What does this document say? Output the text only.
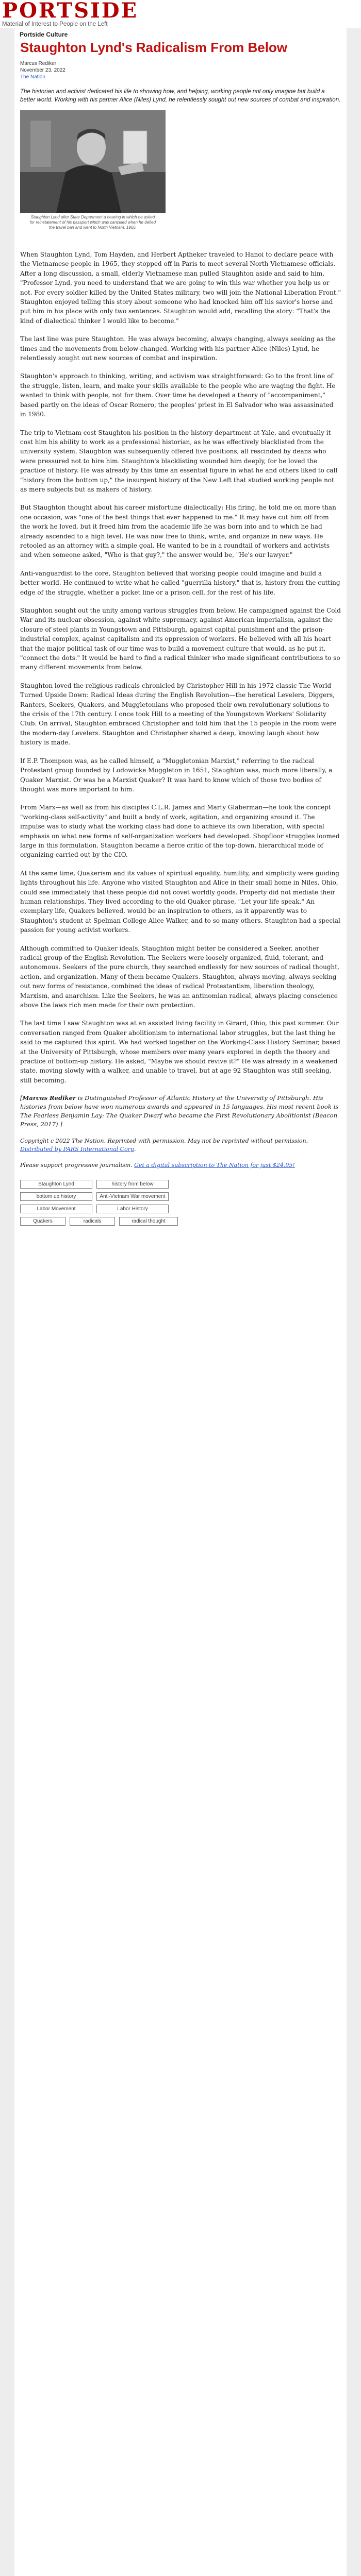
PORTSIDE
Material of Interest to People on the Left
Portside Culture
Staughton Lynd's Radicalism From Below
Marcus Rediker
November 23, 2022
The Nation
The historian and activist dedicated his life to showing how, and helping, working people not only imagine but build a better world. Working with his partner Alice (Niles) Lynd, he relentlessly sought out new sources of combat and inspiration.
Staughton Lynd after State Department a hearing in which he asked for reinstatement of his passport which was canceled when he defied the travel ban and went to North Vietnam, 1966.

When Staughton Lynd, Tom Hayden, and Herbert Aptheker traveled to Hanoi to declare peace with the Vietnamese people in 1965, they stopped off in Paris to meet several North Vietnamese officials. After a long discussion, a small, elderly Vietnamese man pulled Staughton aside and said to him, "Professor Lynd, you need to understand that we are going to win this war whether you help us or not. For every soldier killed by the United States military, two will join the National Liberation Front." Staughton enjoyed telling this story about someone who had knocked him off his savior's horse and put him in his place with only two sentences. Staughton would add, recalling the story: "That's the kind of dialectical thinker I would like to become."

The last line was pure Staughton. He was always becoming, always changing, always seeking as the times and the movements from below changed. Working with his partner Alice (Niles) Lynd, he relentlessly sought out new sources of combat and inspiration.

Staughton's approach to thinking, writing, and activism was straightforward: Go to the front line of the struggle, listen, learn, and make your skills available to the people who are waging the fight. He wanted to think with people, not for them. Over time he developed a theory of "accompaniment," based partly on the ideas of Oscar Romero, the peoples' priest in El Salvador who was assassinated in 1980.

The trip to Vietnam cost Staughton his position in the history department at Yale, and eventually it cost him his ability to work as a professional historian, as he was effectively blacklisted from the university system. Staughton was subsequently offered five positions, all rescinded by deans who were pressured not to hire him. Staughton's blacklisting wounded him deeply, for he loved the practice of history. He was already by this time an essential figure in what he and others liked to call "history from the bottom up," the insurgent history of the New Left that studied working people not as mere subjects but as makers of history.

But Staughton thought about his career misfortune dialectically: His firing, he told me on more than one occasion, was "one of the best things that ever happened to me." It may have cut him off from the work he loved, but it freed him from the academic life he was born into and to which he had already ascended to a high level. He was now free to think, write, and organize in new ways. He retooled as an attorney with a simple goal. He wanted to be in a roundtail of workers and activists and when someone asked, "Who is that guy?," the answer would be, "He's our lawyer."

Anti-vanguardist to the core, Staughton believed that working people could imagine and build a better world. He continued to write what he called "guerrilla history," that is, history from the cutting edge of the struggle, whether a picket line or a prison cell, for the rest of his life.

Staughton sought out the unity among various struggles from below. He campaigned against the Cold War and its nuclear obsession, against white supremacy, against American imperialism, against the closure of steel plants in Youngstown and Pittsburgh, against capital punishment and the prison-industrial complex, against capitalism and its oppression of workers. He believed with all his heart that the major political task of our time was to build a movement culture that would, as he put it, "connect the dots." It would be hard to find a radical thinker who made significant contributions to so many different movements from below.

Staughton loved the religious radicals chronicled by Christopher Hill in his 1972 classic The World Turned Upside Down: Radical Ideas during the English Revolution—the heretical Levelers, Diggers, Ranters, Seekers, Quakers, and Muggletonians who proposed their own revolutionary solutions to the crisis of the 17th century. I once took Hill to a meeting of the Youngstown Workers' Solidarity Club. On arrival, Staughton embraced Christopher and told him that the 15 people in the room were the modern-day Levelers. Staughton and Christopher shared a deep, knowing laugh about how history is made.

If E.P. Thompson was, as he called himself, a "Muggletonian Marxist," referring to the radical Protestant group founded by Lodowicke Muggleton in 1651, Staughton was, much more liberally, a Quaker Marxist. Or was he a Marxist Quaker? It was hard to know which of those two bodies of thought was more important to him.

From Marx—as well as from his disciples C.L.R. James and Marty Glaberman—he took the concept "working-class self-activity" and built a body of work, agitation, and organizing around it. The impulse was to study what the working class had done to achieve its own liberation, with special emphasis on what new forms of self-organization workers had developed. Shopfloor struggles loomed large in this formulation. Staughton became a fierce critic of the top-down, hierarchical mode of organizing carried out by the CIO.

At the same time, Quakerism and its values of spiritual equality, humility, and simplicity were guiding lights throughout his life. Anyone who visited Staughton and Alice in their small home in Niles, Ohio, could see immediately that these people did not covet worldly goods. Property did not mediate their human relationships. They lived according to the old Quaker phrase, "Let your life speak." An exemplary life, Quakers believed, would be an inspiration to others, as it apparently was to Staughton's student at Spelman College Alice Walker, and to so many others. Staughton had a special passion for young activist workers.

Although committed to Quaker ideals, Staughton might better be considered a Seeker, another radical group of the English Revolution. The Seekers were loosely organized, fluid, tolerant, and autonomous. Seekers of the pure church, they searched endlessly for new sources of radical thought, action, and organization. Many of them became Quakers. Staughton, always moving, always seeking out new forms of resistance, combined the ideas of radical Protestantism, liberation theology, Marxism, and anarchism. Like the Seekers, he was an antinomian radical, always placing conscience above the laws rich men made for their own protection.

The last time I saw Staughton was at an assisted living facility in Girard, Ohio, this past summer. Our conversation ranged from Quaker abolitionism to international labor struggles, but the last thing he said to me captured this spirit. We had worked together on the Working-Class History Seminar, based at the University of Pittsburgh, whose members over many years explored in depth the theory and practice of bottom-up history. He asked, "Maybe we should revive it?" He was already in a weakened state, moving slowly with a walker, and unable to travel, but at age 92 Staughton was still seeking, still becoming.

[Marcus Rediker is Distinguished Professor of Atlantic History at the University of Pittsburgh. His histories from below have won numerous awards and appeared in 15 languages. His most recent book is The Fearless Benjamin Lay: The Quaker Dwarf who became the First Revolutionary Abolitionist (Beacon Press, 2017).]

Copyright c 2022 The Nation. Reprinted with permission. May not be reprinted without permission. Distributed by PARS International Corp.

Please support progressive journalism. Get a digital subscription to The Nation for just $24.95!

Staughton Lynd	history from below
bottom up history	Anti-Vietnam War movement
Labor Movement	Labor History
Quakers	radicals	radical thought
